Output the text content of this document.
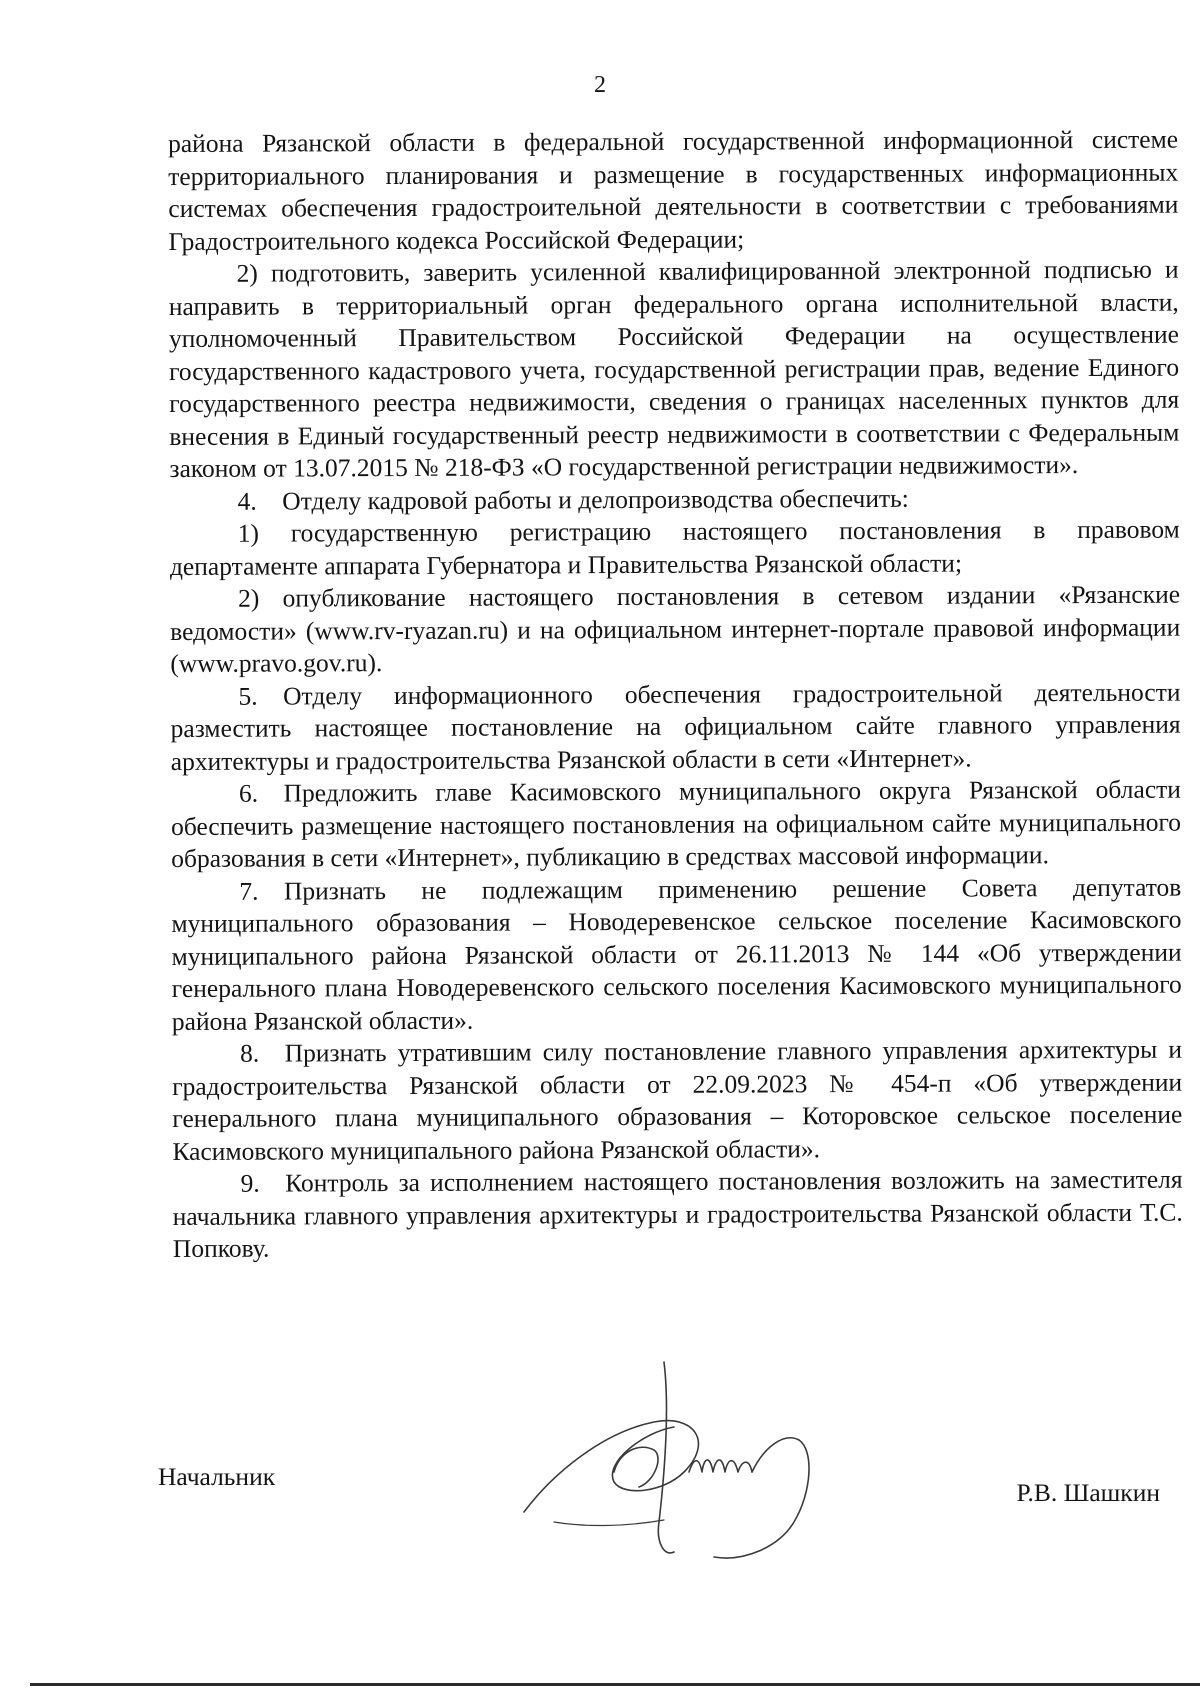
2

района Рязанской области в федеральной государственной информационной системе территориального планирования и размещение в государственных информационных системах обеспечения градостроительной деятельности в соответствии с требованиями Градостроительного кодекса Российской Федерации;

2) подготовить, заверить усиленной квалифицированной электронной подписью и направить в территориальный орган федерального органа исполнительной власти, уполномоченный Правительством Российской Федерации на осуществление государственного кадастрового учета, государственной регистрации прав, ведение Единого государственного реестра недвижимости, сведения о границах населенных пунктов для внесения в Единый государственный реестр недвижимости в соответствии с Федеральным законом от 13.07.2015 № 218-ФЗ «О государственной регистрации недвижимости».

4. Отделу кадровой работы и делопроизводства обеспечить:

1) государственную регистрацию настоящего постановления в правовом департаменте аппарата Губернатора и Правительства Рязанской области;

2) опубликование настоящего постановления в сетевом издании «Рязанские ведомости» (www.rv-ryazan.ru) и на официальном интернет-портале правовой информации (www.pravo.gov.ru).

5. Отделу информационного обеспечения градостроительной деятельности разместить настоящее постановление на официальном сайте главного управления архитектуры и градостроительства Рязанской области в сети «Интернет».

6. Предложить главе Касимовского муниципального округа Рязанской области обеспечить размещение настоящего постановления на официальном сайте муниципального образования в сети «Интернет», публикацию в средствах массовой информации.

7. Признать не подлежащим применению решение Совета депутатов муниципального образования – Новодеревенское сельское поселение Касимовского муниципального района Рязанской области от 26.11.2013 № 144 «Об утверждении генерального плана Новодеревенского сельского поселения Касимовского муниципального района Рязанской области».

8. Признать утратившим силу постановление главного управления архитектуры и градостроительства Рязанской области от 22.09.2023 № 454-п «Об утверждении генерального плана муниципального образования – Котоpовское сельское поселение Касимовского муниципального района Рязанской области».

9. Контроль за исполнением настоящего постановления возложить на заместителя начальника главного управления архитектуры и градостроительства Рязанской области Т.С. Попкову.

Начальник
Р.В. Шашкин
